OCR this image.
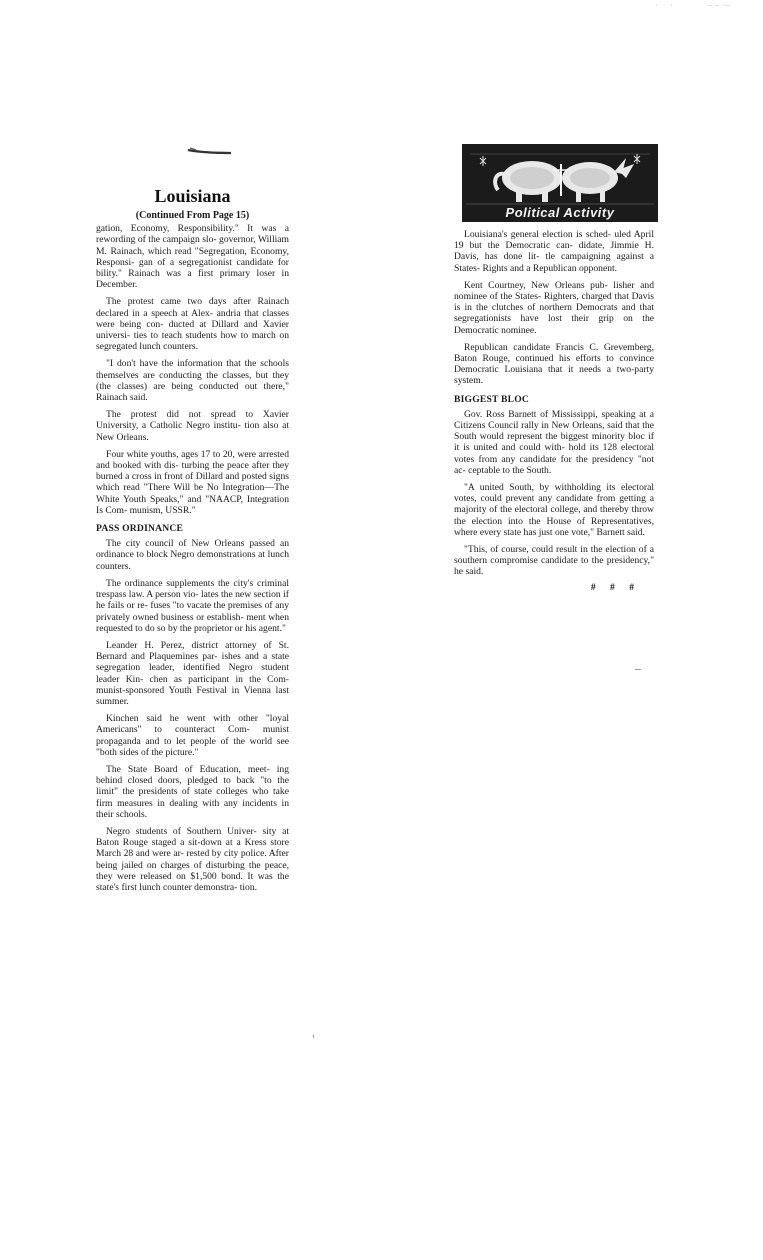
· · ·	— — ·—
Louisiana
(Continued From Page 15)

gation, Economy, Responsibility." It was a rewording of the campaign slo- governor, William M. Rainach, which read "Segregation, Economy, Responsi- gan of a segregationist candidate for bility." Rainach was a first primary loser in December.

The protest came two days after Rainach declared in a speech at Alex- andria that classes were being con- ducted at Dillard and Xavier universi- ties to teach students how to march on segregated lunch counters.

"I don't have the information that the schools themselves are conducting the classes, but they (the classes) are being conducted out there," Rainach said.

The protest did not spread to Xavier University, a Catholic Negro institu- tion also at New Orleans.

Four white youths, ages 17 to 20, were arrested and booked with dis- turbing the peace after they burned a cross in front of Dillard and posted signs which read "There Will be No Integration—The White Youth Speaks," and "NAACP, Integration Is Com- munism, USSR."

PASS ORDINANCE

The city council of New Orleans passed an ordinance to block Negro demonstrations at lunch counters.

The ordinance supplements the city's criminal trespass law. A person vio- lates the new section if he fails or re- fuses "to vacate the premises of any privately owned business or establish- ment when requested to do so by the proprietor or his agent."

Leander H. Perez, district attorney of St. Bernard and Plaquemines par- ishes and a state segregation leader, identified Negro student leader Kin- chen as participant in the Com- munist-sponsored Youth Festival in Vienna last summer.

Kinchen said he went with other "loyal Americans" to counteract Com- munist propaganda and to let people of the world see "both sides of the picture."

The State Board of Education, meet- ing behind closed doors, pledged to back "to the limit" the presidents of state colleges who take firm measures in dealing with any incidents in their schools.

Negro students of Southern Univer- sity at Baton Rouge staged a sit-down at a Kress store March 28 and were ar- rested by city police. After being jailed on charges of disturbing the peace, they were released on $1,500 bond. It was the state's first lunch counter demonstra- tion.

Political Activity

Louisiana's general election is sched- uled April 19 but the Democratic can- didate, Jimmie H. Davis, has done lit- tle campaigning against a States- Rights and a Republican opponent.

Kent Courtney, New Orleans pub- lisher and nominee of the States- Righters, charged that Davis is in the clutches of northern Democrats and that segregationists have lost their grip on the Democratic nominee.

Republican candidate Francis C. Grevemberg, Baton Rouge, continued his efforts to convince Democratic Louisiana that it needs a two-party system.

BIGGEST BLOC

Gov. Ross Barnett of Mississippi, speaking at a Citizens Council rally in New Orleans, said that the South would represent the biggest minority bloc if it is united and could with- hold its 128 electoral votes from any candidate for the presidency "not ac- ceptable to the South.

"A united South, by withholding its electoral votes, could prevent any candidate from getting a majority of the electoral college, and thereby throw the election into the House of Representatives, where every state has just one vote," Barnett said.

"This, of course, could result in the election of a southern compromise candidate to the presidency," he said.

# # #
